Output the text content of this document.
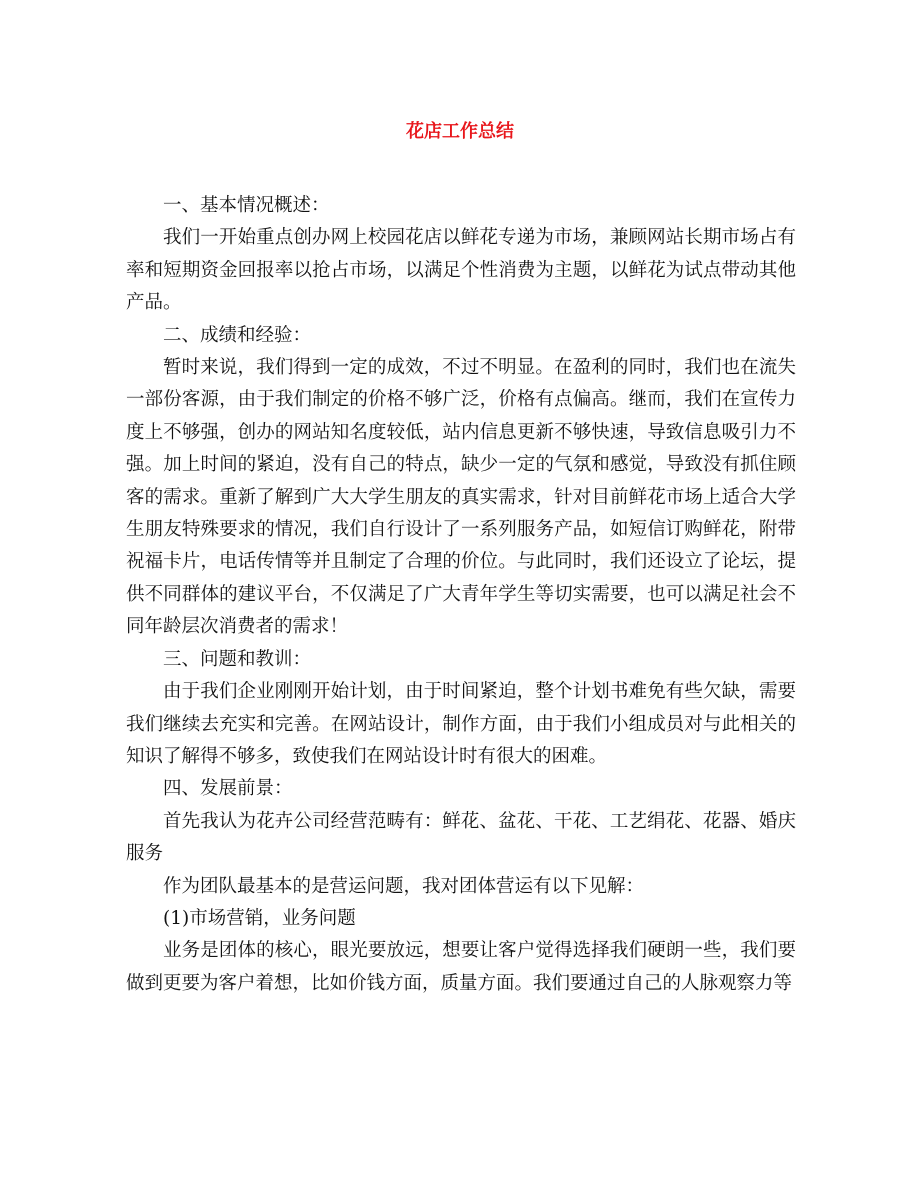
花店工作总结

一、基本情况概述：

我们一开始重点创办网上校园花店以鲜花专递为市场，兼顾网站长期市场占有率和短期资金回报率以抢占市场，以满足个性消费为主题，以鲜花为试点带动其他产品。

二、成绩和经验：

暂时来说，我们得到一定的成效，不过不明显。在盈利的同时，我们也在流失一部份客源，由于我们制定的价格不够广泛，价格有点偏高。继而，我们在宣传力度上不够强，创办的网站知名度较低，站内信息更新不够快速，导致信息吸引力不强。加上时间的紧迫，没有自己的特点，缺少一定的气氛和感觉，导致没有抓住顾客的需求。重新了解到广大大学生朋友的真实需求，针对目前鲜花市场上适合大学生朋友特殊要求的情况，我们自行设计了一系列服务产品，如短信订购鲜花，附带祝福卡片，电话传情等并且制定了合理的价位。与此同时，我们还设立了论坛，提供不同群体的建议平台，不仅满足了广大青年学生等切实需要，也可以满足社会不同年龄层次消费者的需求！

三、问题和教训：

由于我们企业刚刚开始计划，由于时间紧迫，整个计划书难免有些欠缺，需要我们继续去充实和完善。在网站设计，制作方面，由于我们小组成员对与此相关的知识了解得不够多，致使我们在网站设计时有很大的困难。

四、发展前景：

首先我认为花卉公司经营范畴有：鲜花、盆花、干花、工艺绢花、花器、婚庆服务

作为团队最基本的是营运问题，我对团体营运有以下见解：

(1)市场营销，业务问题

业务是团体的核心，眼光要放远，想要让客户觉得选择我们硬朗一些，我们要做到更要为客户着想，比如价钱方面，质量方面。我们要通过自己的人脉观察力等
